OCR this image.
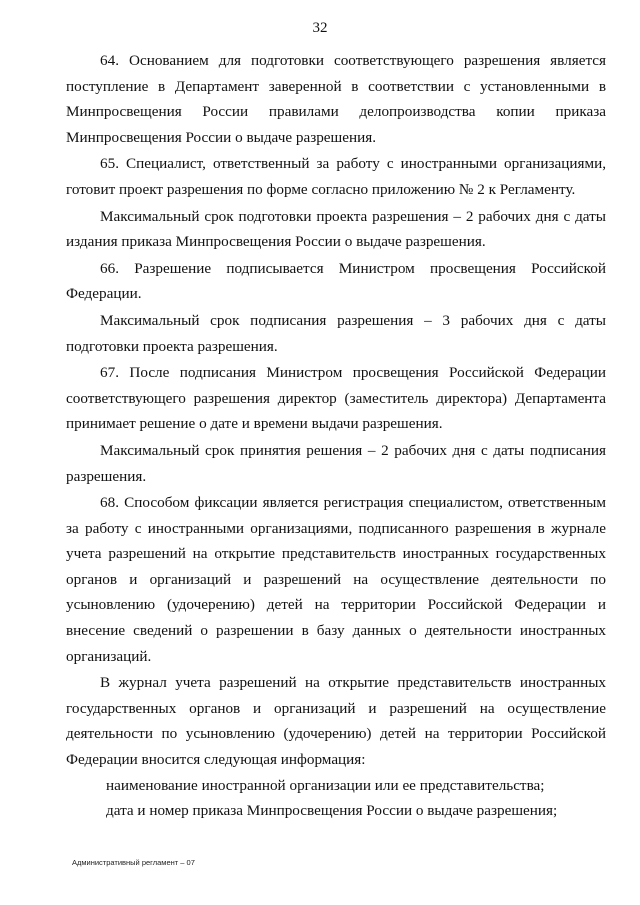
32

64. Основанием для подготовки соответствующего разрешения является поступление в Департамент заверенной в соответствии с установленными в Минпросвещения России правилами делопроизводства копии приказа Минпросвещения России о выдаче разрешения.

65. Специалист, ответственный за работу с иностранными организациями, готовит проект разрешения по форме согласно приложению № 2 к Регламенту.

Максимальный срок подготовки проекта разрешения – 2 рабочих дня с даты издания приказа Минпросвещения России о выдаче разрешения.

66. Разрешение подписывается Министром просвещения Российской Федерации.

Максимальный срок подписания разрешения – 3 рабочих дня с даты подготовки проекта разрешения.

67. После подписания Министром просвещения Российской Федерации соответствующего разрешения директор (заместитель директора) Департамента принимает решение о дате и времени выдачи разрешения.

Максимальный срок принятия решения – 2 рабочих дня с даты подписания разрешения.

68. Способом фиксации является регистрация специалистом, ответственным за работу с иностранными организациями, подписанного разрешения в журнале учета разрешений на открытие представительств иностранных государственных органов и организаций и разрешений на осуществление деятельности по усыновлению (удочерению) детей на территории Российской Федерации и внесение сведений о разрешении в базу данных о деятельности иностранных организаций.

В журнал учета разрешений на открытие представительств иностранных государственных органов и организаций и разрешений на осуществление деятельности по усыновлению (удочерению) детей на территории Российской Федерации вносится следующая информация:

наименование иностранной организации или ее представительства;

дата и номер приказа Минпросвещения России о выдаче разрешения;

Административный регламент – 07
